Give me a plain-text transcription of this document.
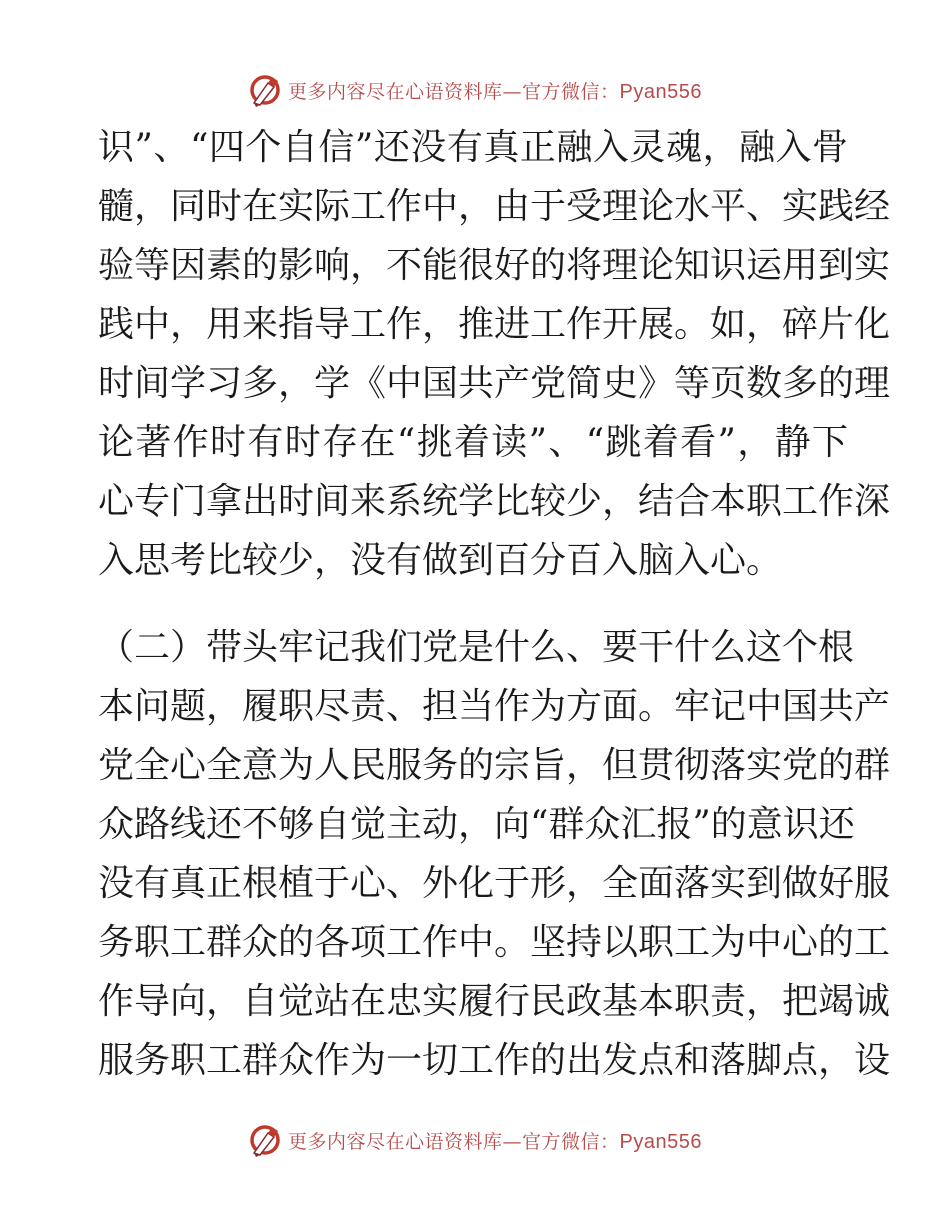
更多内容尽在心语资料库—官方微信：Pyan556
识”、“四个自信”还没有真正融入灵魂，融入骨
髓，同时在实际工作中，由于受理论水平、实践经
验等因素的影响，不能很好的将理论知识运用到实
践中，用来指导工作，推进工作开展。如，碎片化
时间学习多，学《中国共产党简史》等页数多的理
论著作时有时存在“挑着读”、“跳着看”，静下
心专门拿出时间来系统学比较少，结合本职工作深
入思考比较少，没有做到百分百入脑入心。
（二）带头牢记我们党是什么、要干什么这个根
本问题，履职尽责、担当作为方面。牢记中国共产
党全心全意为人民服务的宗旨，但贯彻落实党的群
众路线还不够自觉主动，向“群众汇报”的意识还
没有真正根植于心、外化于形，全面落实到做好服
务职工群众的各项工作中。坚持以职工为中心的工
作导向，自觉站在忠实履行民政基本职责，把竭诚
服务职工群众作为一切工作的出发点和落脚点，设
更多内容尽在心语资料库—官方微信：Pyan556
